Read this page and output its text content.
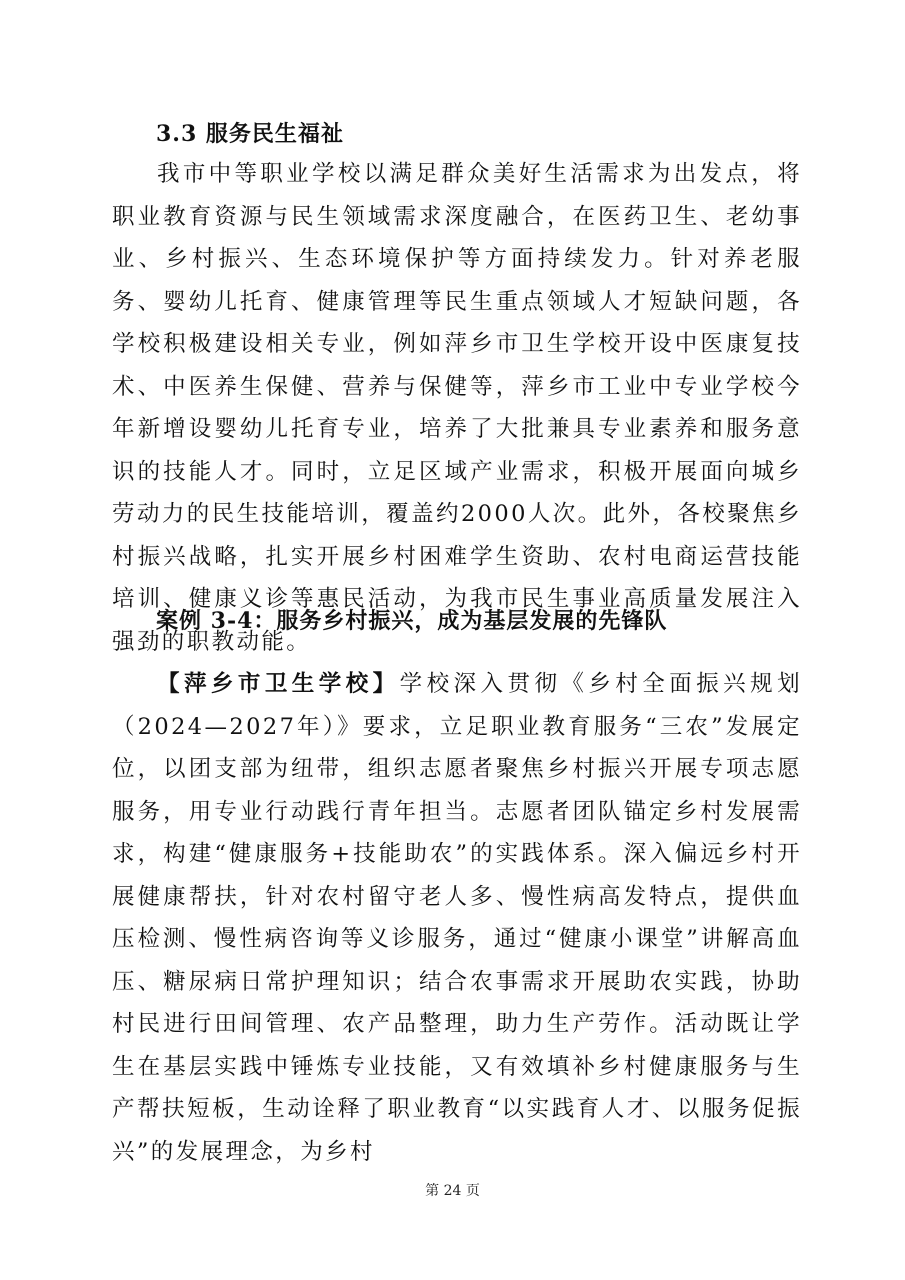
3.3 服务民生福祉

我市中等职业学校以满足群众美好生活需求为出发点，将职业教育资源与民生领域需求深度融合，在医药卫生、老幼事业、乡村振兴、生态环境保护等方面持续发力。针对养老服务、婴幼儿托育、健康管理等民生重点领域人才短缺问题，各学校积极建设相关专业，例如萍乡市卫生学校开设中医康复技术、中医养生保健、营养与保健等，萍乡市工业中专业学校今年新增设婴幼儿托育专业，培养了大批兼具专业素养和服务意识的技能人才。同时，立足区域产业需求，积极开展面向城乡劳动力的民生技能培训，覆盖约2000人次。此外，各校聚焦乡村振兴战略，扎实开展乡村困难学生资助、农村电商运营技能培训、健康义诊等惠民活动，为我市民生事业高质量发展注入强劲的职教动能。

案例 3-4：服务乡村振兴，成为基层发展的先锋队

【萍乡市卫生学校】学校深入贯彻《乡村全面振兴规划（2024—2027年）》要求，立足职业教育服务“三农”发展定位，以团支部为纽带，组织志愿者聚焦乡村振兴开展专项志愿服务，用专业行动践行青年担当。志愿者团队锚定乡村发展需求，构建“健康服务+技能助农”的实践体系。深入偏远乡村开展健康帮扶，针对农村留守老人多、慢性病高发特点，提供血压检测、慢性病咨询等义诊服务，通过“健康小课堂”讲解高血压、糖尿病日常护理知识；结合农事需求开展助农实践，协助村民进行田间管理、农产品整理，助力生产劳作。活动既让学生在基层实践中锤炼专业技能，又有效填补乡村健康服务与生产帮扶短板，生动诠释了职业教育“以实践育人才、以服务促振兴”的发展理念，为乡村

第 24 页
